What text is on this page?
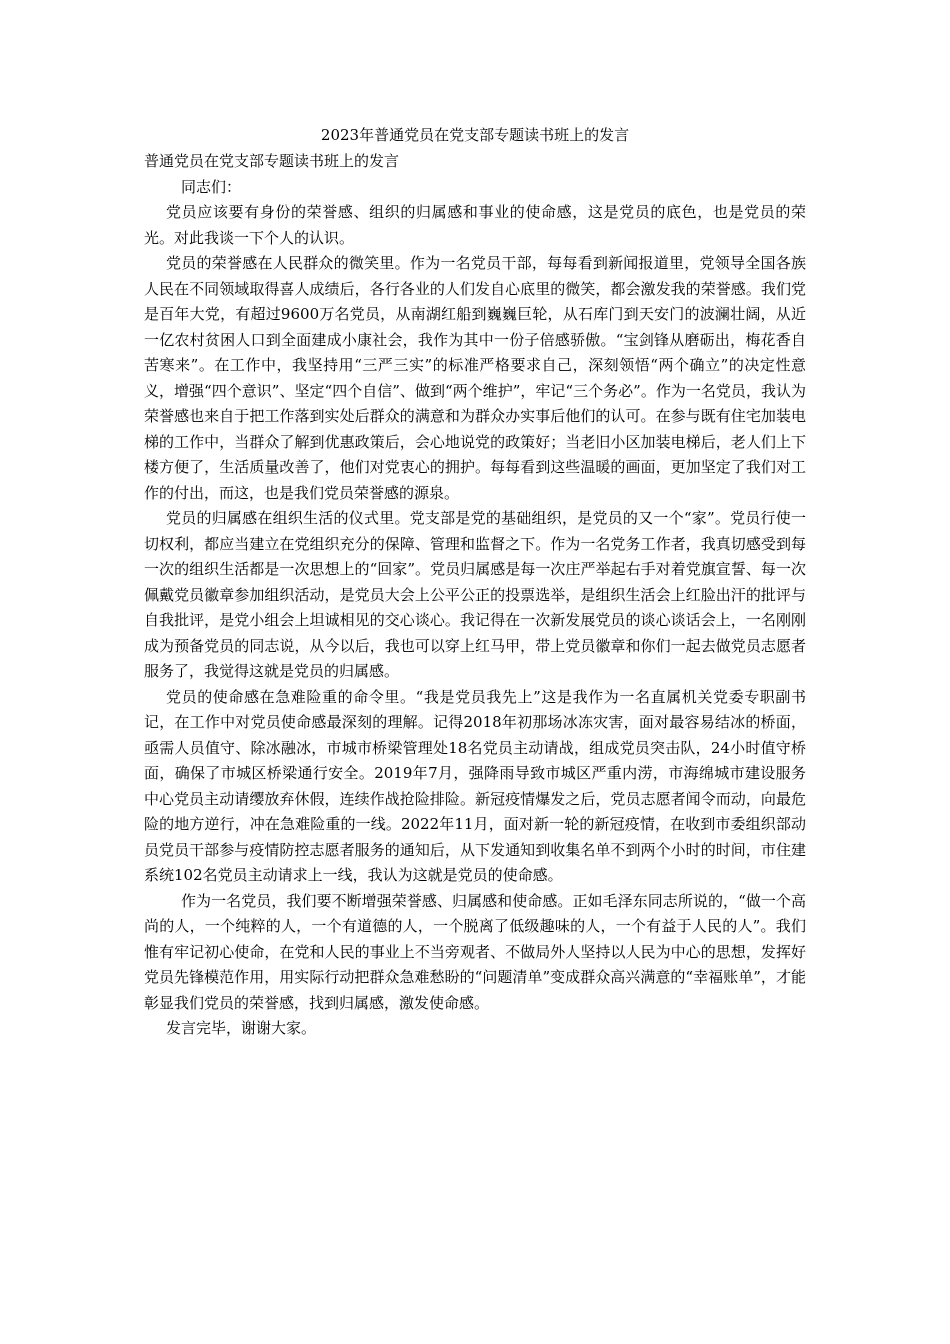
2023年普通党员在党支部专题读书班上的发言

普通党员在党支部专题读书班上的发言

同志们：

党员应该要有身份的荣誉感、组织的归属感和事业的使命感，这是党员的底色，也是党员的荣光。对此我谈一下个人的认识。

党员的荣誉感在人民群众的微笑里。作为一名党员干部，每每看到新闻报道里，党领导全国各族人民在不同领域取得喜人成绩后，各行各业的人们发自心底里的微笑，都会激发我的荣誉感。我们党是百年大党，有超过9600万名党员，从南湖红船到巍巍巨轮，从石库门到天安门的波澜壮阔，从近一亿农村贫困人口到全面建成小康社会，我作为其中一份子倍感骄傲。“宝剑锋从磨砺出，梅花香自苦寒来”。在工作中，我坚持用“三严三实”的标准严格要求自己，深刻领悟“两个确立”的决定性意义，增强“四个意识”、坚定“四个自信”、做到“两个维护”，牢记“三个务必”。作为一名党员，我认为荣誉感也来自于把工作落到实处后群众的满意和为群众办实事后他们的认可。在参与既有住宅加装电梯的工作中，当群众了解到优惠政策后，会心地说党的政策好；当老旧小区加装电梯后，老人们上下楼方便了，生活质量改善了，他们对党衷心的拥护。每每看到这些温暖的画面，更加坚定了我们对工作的付出，而这，也是我们党员荣誉感的源泉。

党员的归属感在组织生活的仪式里。党支部是党的基础组织，是党员的又一个“家”。党员行使一切权利，都应当建立在党组织充分的保障、管理和监督之下。作为一名党务工作者，我真切感受到每一次的组织生活都是一次思想上的“回家”。党员归属感是每一次庄严举起右手对着党旗宣誓、每一次佩戴党员徽章参加组织活动，是党员大会上公平公正的投票选举，是组织生活会上红脸出汗的批评与自我批评，是党小组会上坦诚相见的交心谈心。我记得在一次新发展党员的谈心谈话会上，一名刚刚成为预备党员的同志说，从今以后，我也可以穿上红马甲，带上党员徽章和你们一起去做党员志愿者服务了，我觉得这就是党员的归属感。

党员的使命感在急难险重的命令里。“我是党员我先上”这是我作为一名直属机关党委专职副书记，在工作中对党员使命感最深刻的理解。记得2018年初那场冰冻灾害，面对最容易结冰的桥面，亟需人员值守、除冰融冰，市城市桥梁管理处18名党员主动请战，组成党员突击队，24小时值守桥面，确保了市城区桥梁通行安全。2019年7月，强降雨导致市城区严重内涝，市海绵城市建设服务中心党员主动请缨放弃休假，连续作战抢险排险。新冠疫情爆发之后，党员志愿者闻令而动，向最危险的地方逆行，冲在急难险重的一线。2022年11月，面对新一轮的新冠疫情，在收到市委组织部动员党员干部参与疫情防控志愿者服务的通知后，从下发通知到收集名单不到两个小时的时间，市住建系统102名党员主动请求上一线，我认为这就是党员的使命感。

作为一名党员，我们要不断增强荣誉感、归属感和使命感。正如毛泽东同志所说的，“做一个高尚的人，一个纯粹的人，一个有道德的人，一个脱离了低级趣味的人，一个有益于人民的人”。我们惟有牢记初心使命，在党和人民的事业上不当旁观者、不做局外人坚持以人民为中心的思想，发挥好党员先锋模范作用，用实际行动把群众急难愁盼的“问题清单”变成群众高兴满意的“幸福账单”，才能彰显我们党员的荣誉感，找到归属感，激发使命感。

发言完毕，谢谢大家。
